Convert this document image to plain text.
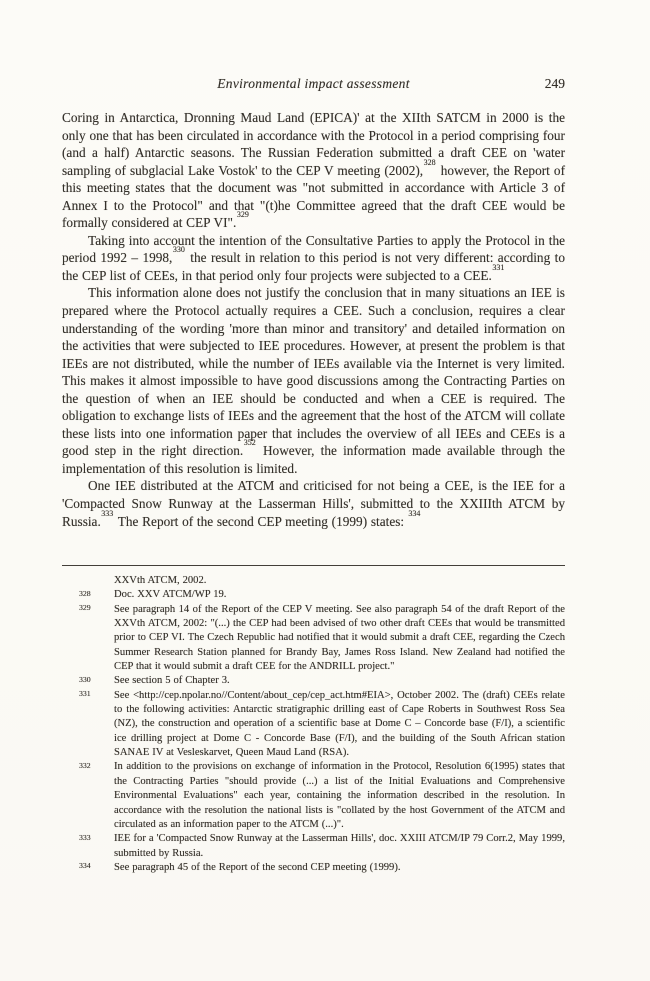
Environmental impact assessment	249

Coring in Antarctica, Dronning Maud Land (EPICA)' at the XIIth SATCM in 2000 is the only one that has been circulated in accordance with the Protocol in a period comprising four (and a half) Antarctic seasons. The Russian Federation submitted a draft CEE on 'water sampling of subglacial Lake Vostok' to the CEP V meeting (2002),$^{328}$ however, the Report of this meeting states that the document was "not submitted in accordance with Article 3 of Annex I to the Protocol" and that "(t)he Committee agreed that the draft CEE would be formally considered at CEP VI".$^{329}$

Taking into account the intention of the Consultative Parties to apply the Protocol in the period 1992 – 1998,$^{330}$ the result in relation to this period is not very different: according to the CEP list of CEEs, in that period only four projects were subjected to a CEE.$^{331}$

This information alone does not justify the conclusion that in many situations an IEE is prepared where the Protocol actually requires a CEE. Such a conclusion, requires a clear understanding of the wording 'more than minor and transitory' and detailed information on the activities that were subjected to IEE procedures. However, at present the problem is that IEEs are not distributed, while the number of IEEs available via the Internet is very limited. This makes it almost impossible to have good discussions among the Contracting Parties on the question of when an IEE should be conducted and when a CEE is required. The obligation to exchange lists of IEEs and the agreement that the host of the ATCM will collate these lists into one information paper that includes the overview of all IEEs and CEEs is a good step in the right direction.$^{352}$ However, the information made available through the implementation of this resolution is limited.

One IEE distributed at the ATCM and criticised for not being a CEE, is the IEE for a 'Compacted Snow Runway at the Lasserman Hills', submitted to the XXIIIth ATCM by Russia.$^{333}$ The Report of the second CEP meeting (1999) states: $^{334}$

XXVth ATCM, 2002.
328 Doc. XXV ATCM/WP 19.
329 See paragraph 14 of the Report of the CEP V meeting. See also paragraph 54 of the draft Report of the XXVth ATCM, 2002: "(...) the CEP had been advised of two other draft CEEs that would be transmitted prior to CEP VI. The Czech Republic had notified that it would submit a draft CEE, regarding the Czech Summer Research Station planned for Brandy Bay, James Ross Island. New Zealand had notified the CEP that it would submit a draft CEE for the ANDRILL project."
330 See section 5 of Chapter 3.
331 See <http://cep.npolar.no//Content/about_cep/cep_act.htm#EIA>, October 2002. The (draft) CEEs relate to the following activities: Antarctic stratigraphic drilling east of Cape Roberts in Southwest Ross Sea (NZ), the construction and operation of a scientific base at Dome C – Concorde base (F/I), a scientific ice drilling project at Dome C - Concorde Base (F/I), and the building of the South African station SANAE IV at Vesleskarvet, Queen Maud Land (RSA).
332 In addition to the provisions on exchange of information in the Protocol, Resolution 6(1995) states that the Contracting Parties "should provide (...) a list of the Initial Evaluations and Comprehensive Environmental Evaluations" each year, containing the information described in the resolution. In accordance with the resolution the national lists is "collated by the host Government of the ATCM and circulated as an information paper to the ATCM (...)".
333 IEE for a 'Compacted Snow Runway at the Lasserman Hills', doc. XXIII ATCM/IP 79 Corr.2, May 1999, submitted by Russia.
334 See paragraph 45 of the Report of the second CEP meeting (1999).
